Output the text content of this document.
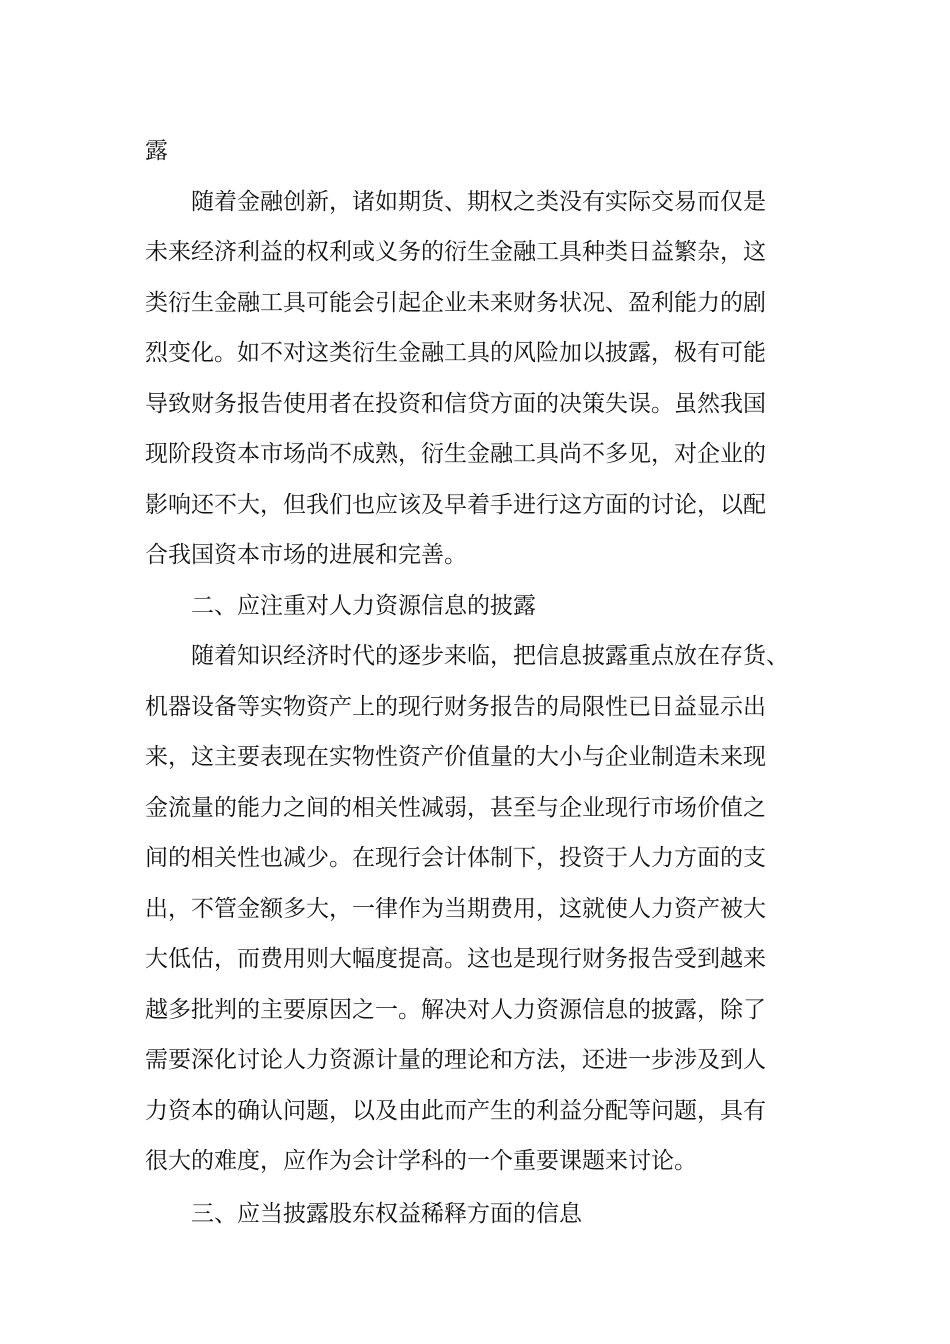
露
随着金融创新，诸如期货、期权之类没有实际交易而仅是
未来经济利益的权利或义务的衍生金融工具种类日益繁杂，这
类衍生金融工具可能会引起企业未来财务状况、盈利能力的剧
烈变化。如不对这类衍生金融工具的风险加以披露，极有可能
导致财务报告使用者在投资和信贷方面的决策失误。虽然我国
现阶段资本市场尚不成熟，衍生金融工具尚不多见，对企业的
影响还不大，但我们也应该及早着手进行这方面的讨论，以配
合我国资本市场的进展和完善。
二、应注重对人力资源信息的披露
随着知识经济时代的逐步来临，把信息披露重点放在存货、
机器设备等实物资产上的现行财务报告的局限性已日益显示出
来，这主要表现在实物性资产价值量的大小与企业制造未来现
金流量的能力之间的相关性减弱，甚至与企业现行市场价值之
间的相关性也减少。在现行会计体制下，投资于人力方面的支
出，不管金额多大，一律作为当期费用，这就使人力资产被大
大低估，而费用则大幅度提高。这也是现行财务报告受到越来
越多批判的主要原因之一。解决对人力资源信息的披露，除了
需要深化讨论人力资源计量的理论和方法，还进一步涉及到人
力资本的确认问题，以及由此而产生的利益分配等问题，具有
很大的难度，应作为会计学科的一个重要课题来讨论。
三、应当披露股东权益稀释方面的信息
